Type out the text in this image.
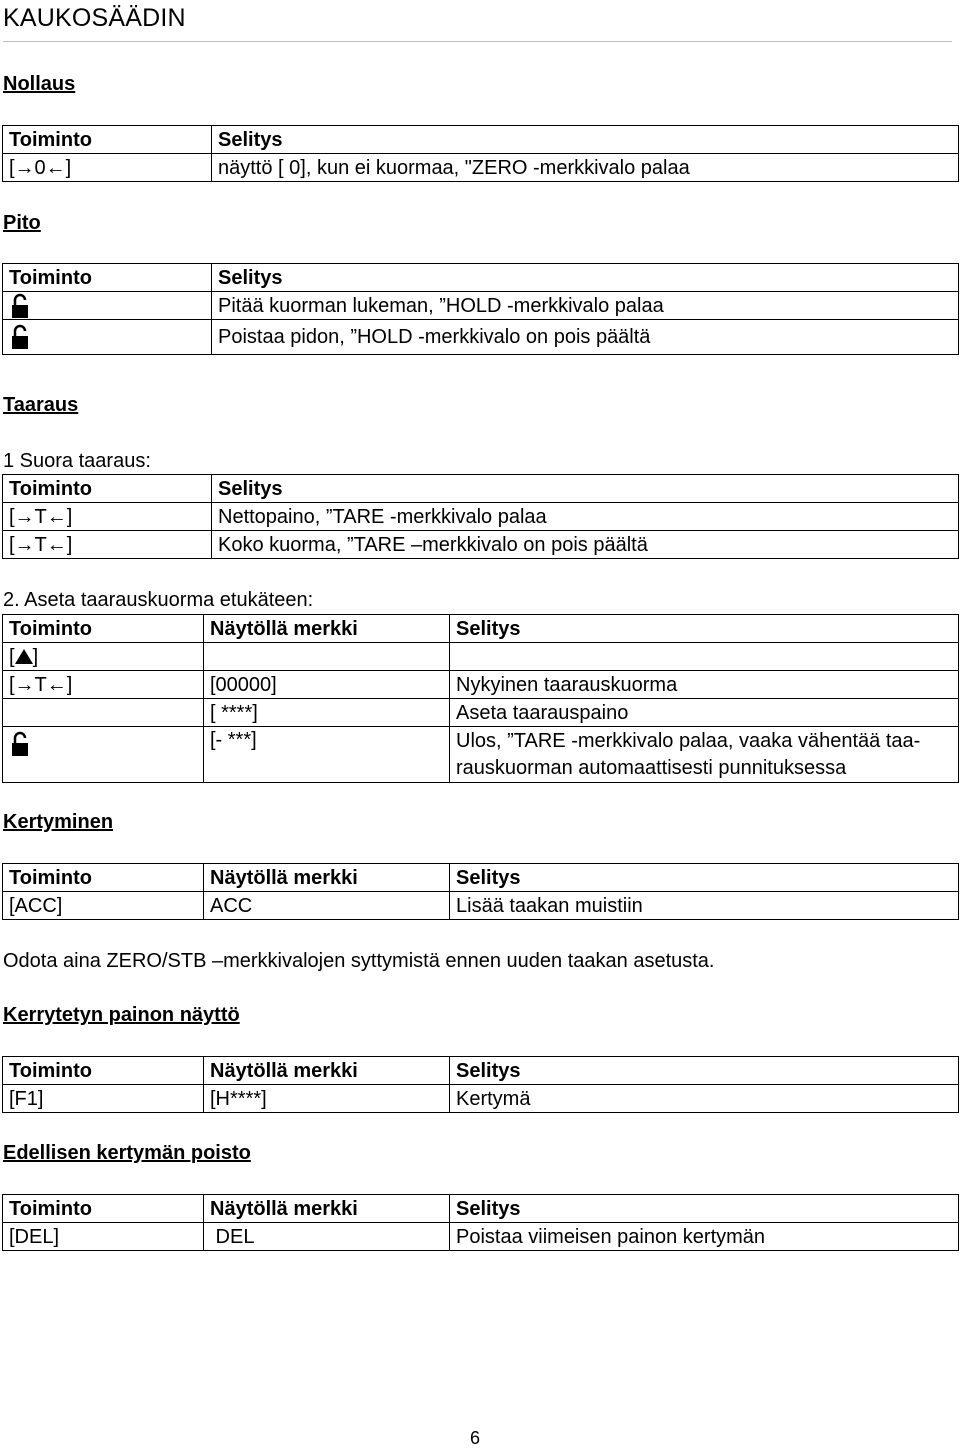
KAUKOSÄÄDIN
Nollaus
Toiminto	Selitys
[→0←]	näyttö [ 0], kun ei kuormaa, "ZERO -merkkivalo palaa
Pito
Toiminto	Selitys

	Pitää kuorman lukeman, ”HOLD -merkkivalo palaa

	Poistaa pidon, ”HOLD -merkkivalo on pois päältä
Taaraus
1 Suora taaraus:
Toiminto	Selitys
[→T←]	Nettopaino, ”TARE -merkkivalo palaa
[→T←]	Koko kuorma, ”TARE –merkkivalo on pois päältä
2. Aseta taarauskuorma etukäteen:
Toiminto	Näytöllä merkki	Selitys
[ ]		
[→T←]	[00000]	Nykyinen taarauskuorma
	[ ****]	Aseta taarauspaino

	[- ***]	Ulos, ”TARE -merkkivalo palaa, vaaka vähentää taa-rauskuorman automaattisesti punnituksessa
Kertyminen
Toiminto	Näytöllä merkki	Selitys
[ACC]	ACC	Lisää taakan muistiin
Odota aina ZERO/STB –merkkivalojen syttymistä ennen uuden taakan asetusta.
Kerrytetyn painon näyttö
Toiminto	Näytöllä merkki	Selitys
[F1]	[H****]	Kertymä
Edellisen kertymän poisto
Toiminto	Näytöllä merkki	Selitys
[DEL]	DEL	Poistaa viimeisen painon kertymän
6
